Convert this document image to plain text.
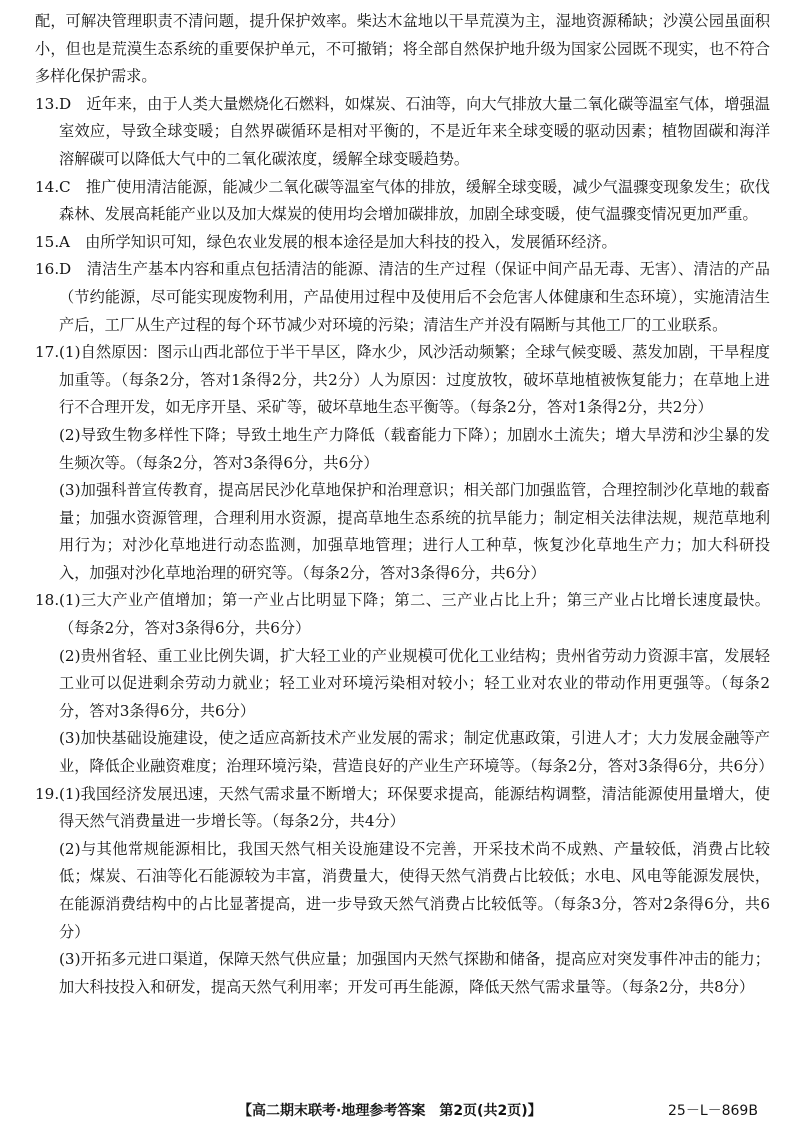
配，可解决管理职责不清问题，提升保护效率。柴达木盆地以干旱荒漠为主，湿地资源稀缺；沙漠公园虽面积小，但也是荒漠生态系统的重要保护单元，不可撤销；将全部自然保护地升级为国家公园既不现实，也不符合多样化保护需求。

13. D　近年来，由于人类大量燃烧化石燃料，如煤炭、石油等，向大气排放大量二氧化碳等温室气体，增强温室效应，导致全球变暖；自然界碳循环是相对平衡的，不是近年来全球变暖的驱动因素；植物固碳和海洋溶解碳可以降低大气中的二氧化碳浓度，缓解全球变暖趋势。
14. C　推广使用清洁能源，能减少二氧化碳等温室气体的排放，缓解全球变暖，减少气温骤变现象发生；砍伐森林、发展高耗能产业以及加大煤炭的使用均会增加碳排放，加剧全球变暖，使气温骤变情况更加严重。
15. A　由所学知识可知，绿色农业发展的根本途径是加大科技的投入，发展循环经济。
16. D　清洁生产基本内容和重点包括清洁的能源、清洁的生产过程（保证中间产品无毒、无害）、清洁的产品（节约能源，尽可能实现废物利用，产品使用过程中及使用后不会危害人体健康和生态环境），实施清洁生产后，工厂从生产过程的每个环节减少对环境的污染；清洁生产并没有隔断与其他工厂的工业联系。
17. (1)自然原因：图示山西北部位于半干旱区，降水少，风沙活动频繁；全球气候变暖、蒸发加剧，干旱程度加重等。（每条2分，答对1条得2分，共2分）人为原因：过度放牧，破坏草地植被恢复能力；在草地上进行不合理开发，如无序开垦、采矿等，破坏草地生态平衡等。（每条2分，答对1条得2分，共2分）
(2)导致生物多样性下降；导致土地生产力降低（载畜能力下降）；加剧水土流失；增大旱涝和沙尘暴的发生频次等。（每条2分，答对3条得6分，共6分）
(3)加强科普宣传教育，提高居民沙化草地保护和治理意识；相关部门加强监管，合理控制沙化草地的载畜量；加强水资源管理，合理利用水资源，提高草地生态系统的抗旱能力；制定相关法律法规，规范草地利用行为；对沙化草地进行动态监测，加强草地管理；进行人工种草，恢复沙化草地生产力；加大科研投入，加强对沙化草地治理的研究等。（每条2分，答对3条得6分，共6分）
18. (1)三大产业产值增加；第一产业占比明显下降；第二、三产业占比上升；第三产业占比增长速度最快。（每条2分，答对3条得6分，共6分）
(2)贵州省轻、重工业比例失调，扩大轻工业的产业规模可优化工业结构；贵州省劳动力资源丰富，发展轻工业可以促进剩余劳动力就业；轻工业对环境污染相对较小；轻工业对农业的带动作用更强等。（每条2分，答对3条得6分，共6分）
(3)加快基础设施建设，使之适应高新技术产业发展的需求；制定优惠政策，引进人才；大力发展金融等产业，降低企业融资难度；治理环境污染，营造良好的产业生产环境等。（每条2分，答对3条得6分，共6分）
19. (1)我国经济发展迅速，天然气需求量不断增大；环保要求提高，能源结构调整，清洁能源使用量增大，使得天然气消费量进一步增长等。（每条2分，共4分）
(2)与其他常规能源相比，我国天然气相关设施建设不完善，开采技术尚不成熟、产量较低，消费占比较低；煤炭、石油等化石能源较为丰富，消费量大，使得天然气消费占比较低；水电、风电等能源发展快，在能源消费结构中的占比显著提高，进一步导致天然气消费占比较低等。（每条3分，答对2条得6分，共6分）
(3)开拓多元进口渠道，保障天然气供应量；加强国内天然气探勘和储备，提高应对突发事件冲击的能力；加大科技投入和研发，提高天然气利用率；开发可再生能源，降低天然气需求量等。（每条2分，共8分）
【高二期末联考·地理参考答案　第2页(共2页)】	25－L－869B
